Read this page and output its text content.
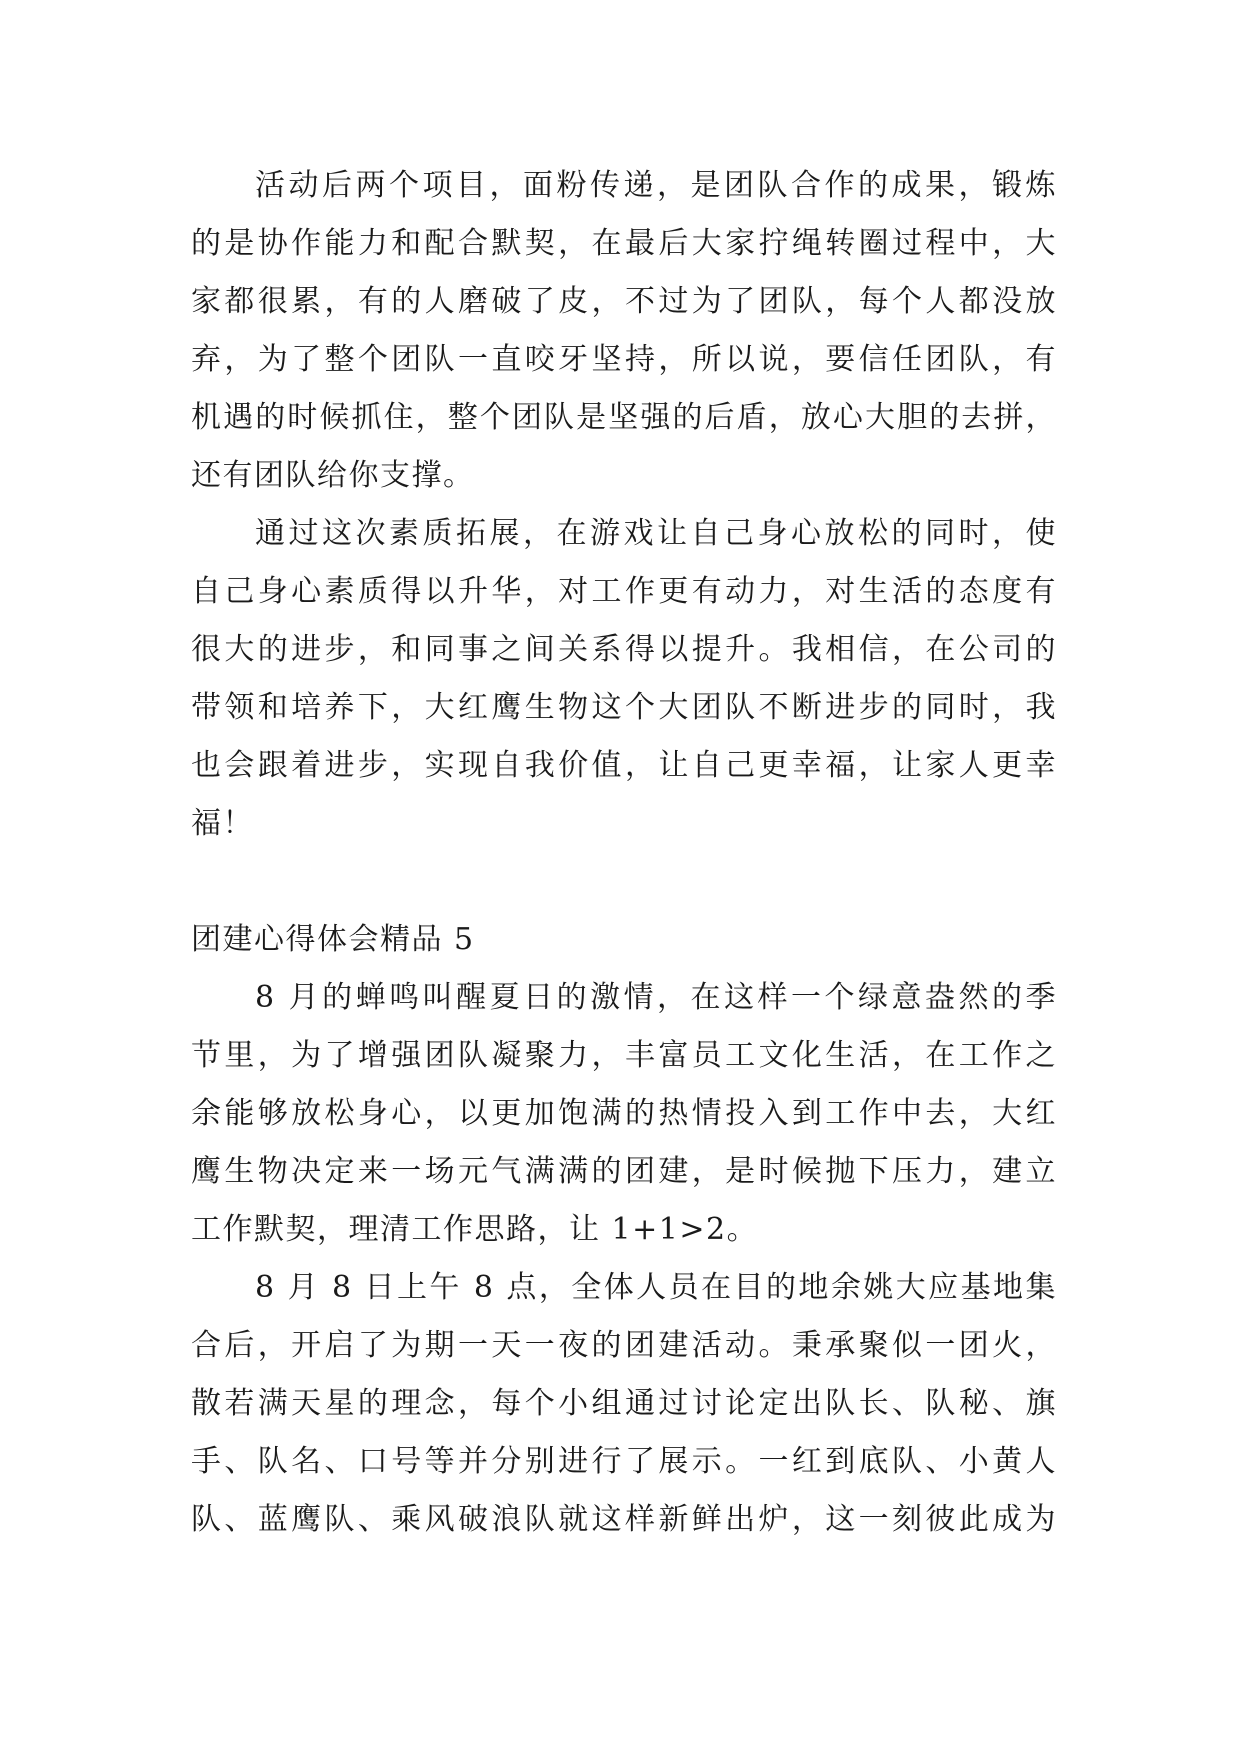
活动后两个项目，面粉传递，是团队合作的成果，锻炼
的是协作能力和配合默契，在最后大家拧绳转圈过程中，大
家都很累，有的人磨破了皮，不过为了团队，每个人都没放
弃，为了整个团队一直咬牙坚持，所以说，要信任团队，有
机遇的时候抓住，整个团队是坚强的后盾，放心大胆的去拼，
还有团队给你支撑。
通过这次素质拓展，在游戏让自己身心放松的同时，使
自己身心素质得以升华，对工作更有动力，对生活的态度有
很大的进步，和同事之间关系得以提升。我相信，在公司的
带领和培养下，大红鹰生物这个大团队不断进步的同时，我
也会跟着进步，实现自我价值，让自己更幸福，让家人更幸
福！
团建心得体会精品 5
8 月的蝉鸣叫醒夏日的激情，在这样一个绿意盎然的季
节里，为了增强团队凝聚力，丰富员工文化生活，在工作之
余能够放松身心，以更加饱满的热情投入到工作中去，大红
鹰生物决定来一场元气满满的团建，是时候抛下压力，建立
工作默契，理清工作思路，让 1+1>2。
8 月 8 日上午 8 点，全体人员在目的地余姚大应基地集
合后，开启了为期一天一夜的团建活动。秉承聚似一团火，
散若满天星的理念，每个小组通过讨论定出队长、队秘、旗
手、队名、口号等并分别进行了展示。一红到底队、小黄人
队、蓝鹰队、乘风破浪队就这样新鲜出炉，这一刻彼此成为
